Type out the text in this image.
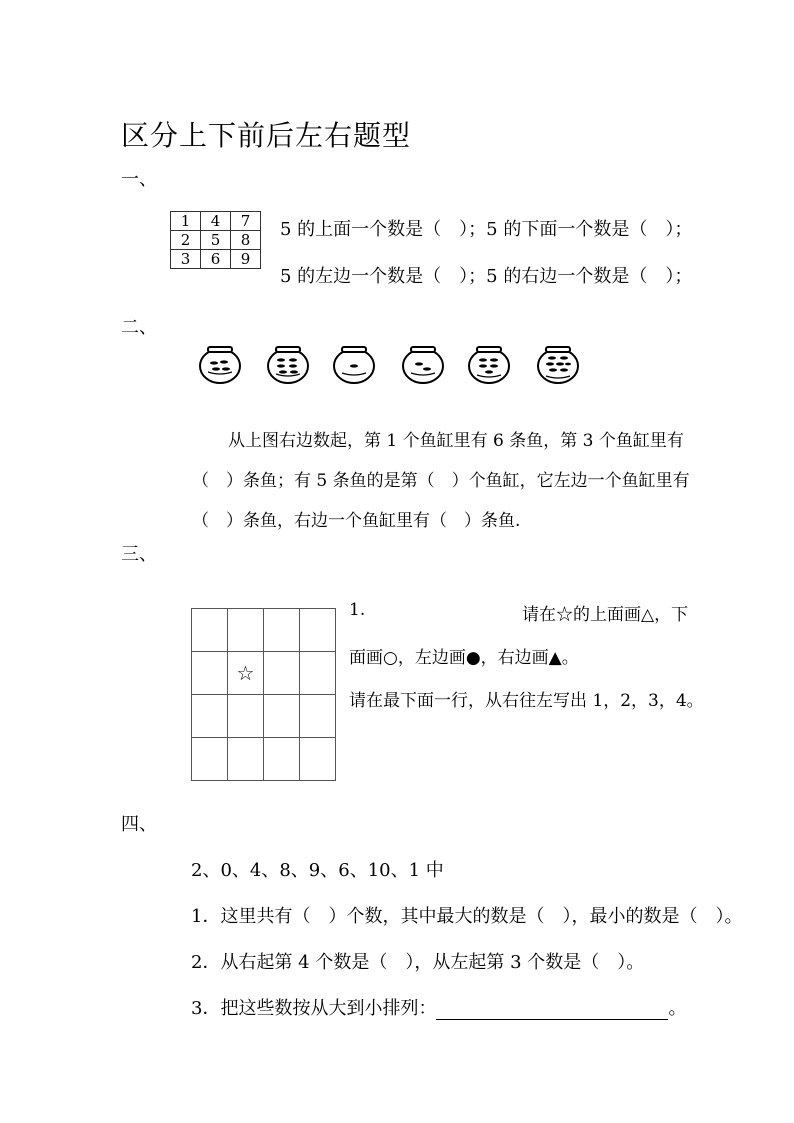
区分上下前后左右题型
一、
1	4	7
2	5	8
3	6	9
5 的上面一个数是（　）；5 的下面一个数是（　）；
5 的左边一个数是（　）；5 的右边一个数是（　）；
二、
从上图右边数起，第 1 个鱼缸里有 6 条鱼，第 3 个鱼缸里有
（　）条鱼；有 5 条鱼的是第（　）个鱼缸，它左边一个鱼缸里有
（　）条鱼，右边一个鱼缸里有（　）条鱼.
三、

	☆		

1.	请在☆的上面画△，下
面画○，左边画●，右边画▲。
请在最下面一行，从右往左写出 1，2，3，4。
四、
2、0、4、8、9、6、10、1 中
1．这里共有（　）个数，其中最大的数是（　），最小的数是（　）。
2．从右起第 4 个数是（　），从左起第 3 个数是（　）。
3．把这些数按从大到小排列：	。
